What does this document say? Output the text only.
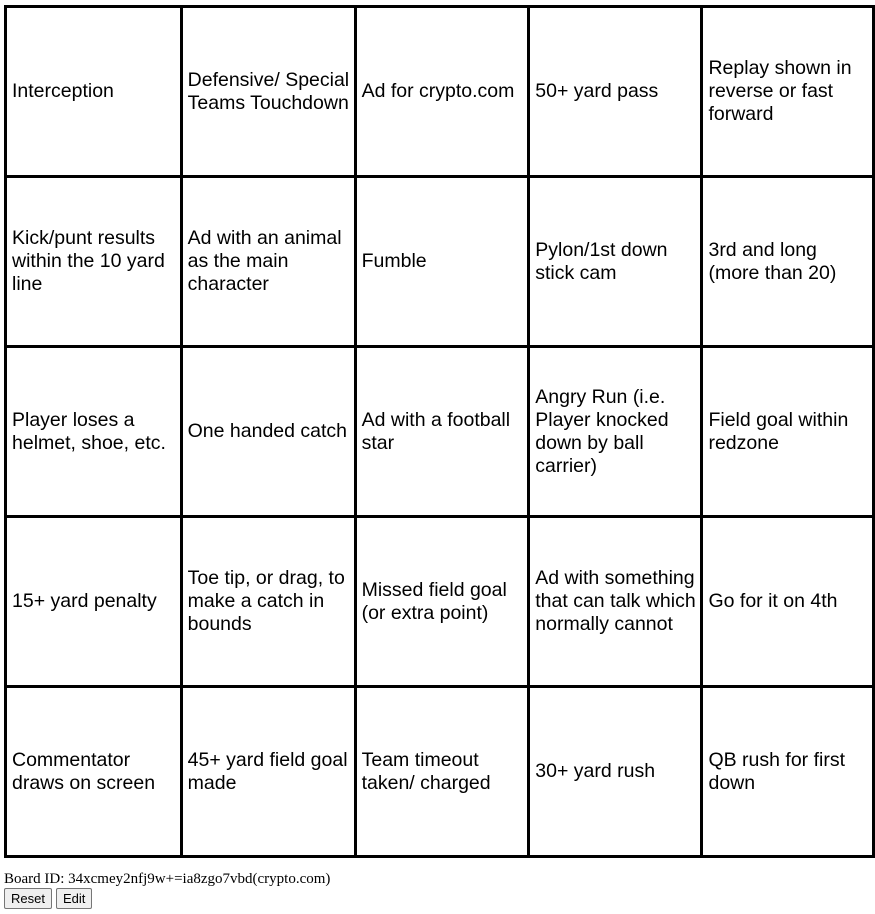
Interception	Defensive/ Special Teams Touchdown	Ad for crypto.com	50+ yard pass	Replay shown in reverse or fast forward
Kick/punt results within the 10 yard line	Ad with an animal as the main character	Fumble	Pylon/1st down stick cam	3rd and long (more than 20)
Player loses a helmet, shoe, etc.	One handed catch	Ad with a football star	Angry Run (i.e. Player knocked down by ball carrier)	Field goal within redzone
15+ yard penalty	Toe tip, or drag, to make a catch in bounds	Missed field goal (or extra point)	Ad with something that can talk which normally cannot	Go for it on 4th
Commentator draws on screen	45+ yard field goal made	Team timeout taken/ charged	30+ yard rush	QB rush for first down
Board ID: 34xcmey2nfj9w+=ia8zgo7vbd(crypto.com)
Reset	Edit
